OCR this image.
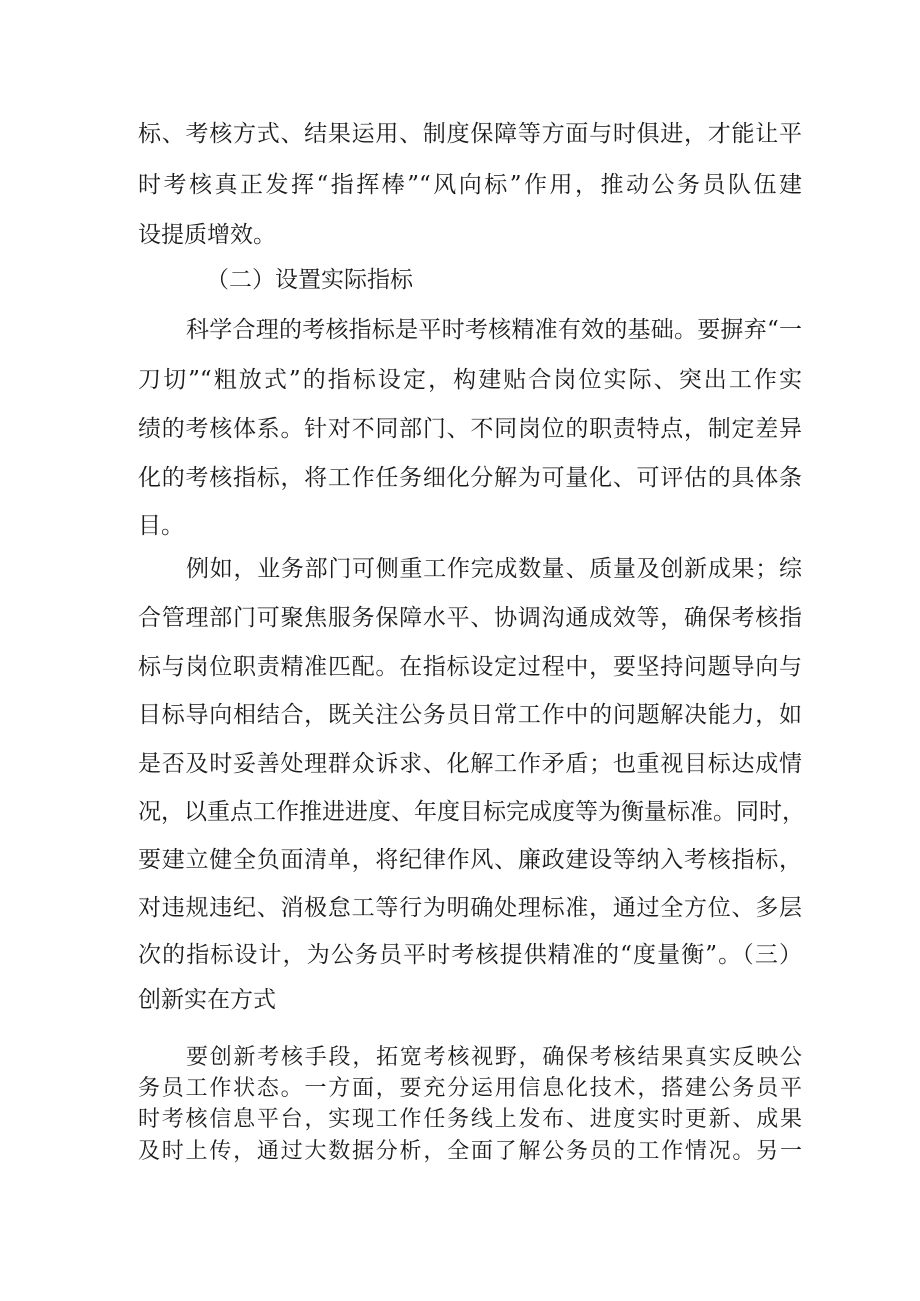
标、考核方式、结果运用、制度保障等方面与时俱进，才能让平
时考核真正发挥“指挥棒”“风向标”作用，推动公务员队伍建
设提质增效。
（二）设置实际指标
科学合理的考核指标是平时考核精准有效的基础。要摒弃“一
刀切”“粗放式”的指标设定，构建贴合岗位实际、突出工作实
绩的考核体系。针对不同部门、不同岗位的职责特点，制定差异
化的考核指标，将工作任务细化分解为可量化、可评估的具体条
目。
例如，业务部门可侧重工作完成数量、质量及创新成果；综
合管理部门可聚焦服务保障水平、协调沟通成效等，确保考核指
标与岗位职责精准匹配。在指标设定过程中，要坚持问题导向与
目标导向相结合，既关注公务员日常工作中的问题解决能力，如
是否及时妥善处理群众诉求、化解工作矛盾；也重视目标达成情
况，以重点工作推进进度、年度目标完成度等为衡量标准。同时，
要建立健全负面清单，将纪律作风、廉政建设等纳入考核指标，
对违规违纪、消极怠工等行为明确处理标准，通过全方位、多层
次的指标设计，为公务员平时考核提供精准的“度量衡”。（三）
创新实在方式
要创新考核手段，拓宽考核视野，确保考核结果真实反映公
务员工作状态。一方面，要充分运用信息化技术，搭建公务员平
时考核信息平台，实现工作任务线上发布、进度实时更新、成果
及时上传，通过大数据分析，全面了解公务员的工作情况。另一
